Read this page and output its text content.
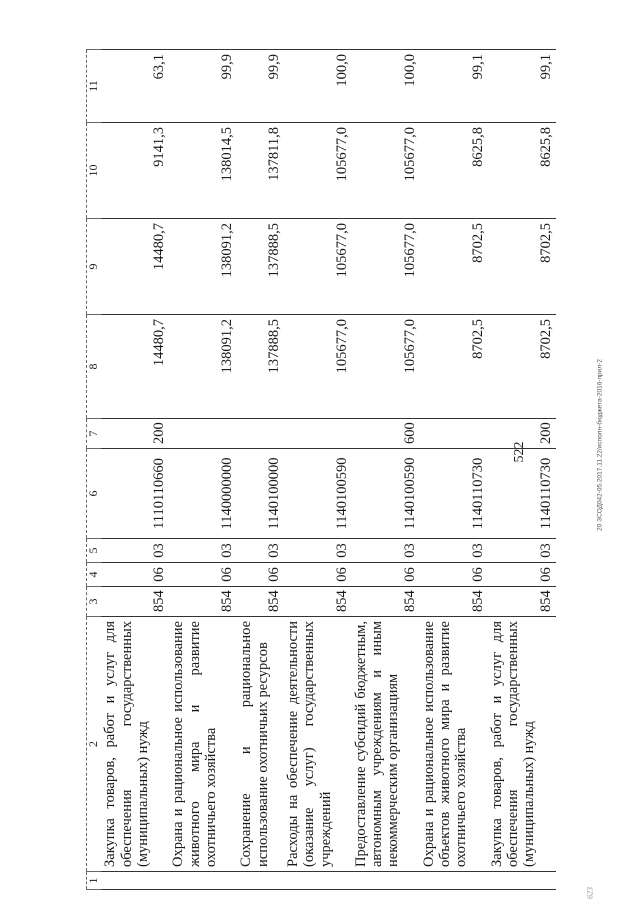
522	20 ЗСОД042-05.2017.11.22/исполн-бюджета-2016-прил-2
623
1	2	3	4	5	6	7	8	9	10	11
	Закупка товаров, работ и услуг для обеспечения государственных (муниципальных) нужд	854	06	03	1110110660	200	14480,7	14480,7	9141,3	63,1
	Охрана и рациональное использование животного мира и развитие охотничьего хозяйства	854	06	03	1140000000		138091,2	138091,2	138014,5	99,9
	Сохранение и рациональное использование охотничьих ресурсов	854	06	03	1140100000		137888,5	137888,5	137811,8	99,9
	Расходы на обеспечение деятельности (оказание услуг) государственных учреждений	854	06	03	1140100590		105677,0	105677,0	105677,0	100,0
	Предоставление субсидий бюджетным, автономным учреждениям и иным некоммерческим организациям	854	06	03	1140100590	600	105677,0	105677,0	105677,0	100,0
	Охрана и рациональное использование объектов животного мира и развитие охотничьего хозяйства	854	06	03	1140110730		8702,5	8702,5	8625,8	99,1
	Закупка товаров, работ и услуг для обеспечения государственных (муниципальных) нужд	854	06	03	1140110730	200	8702,5	8702,5	8625,8	99,1
